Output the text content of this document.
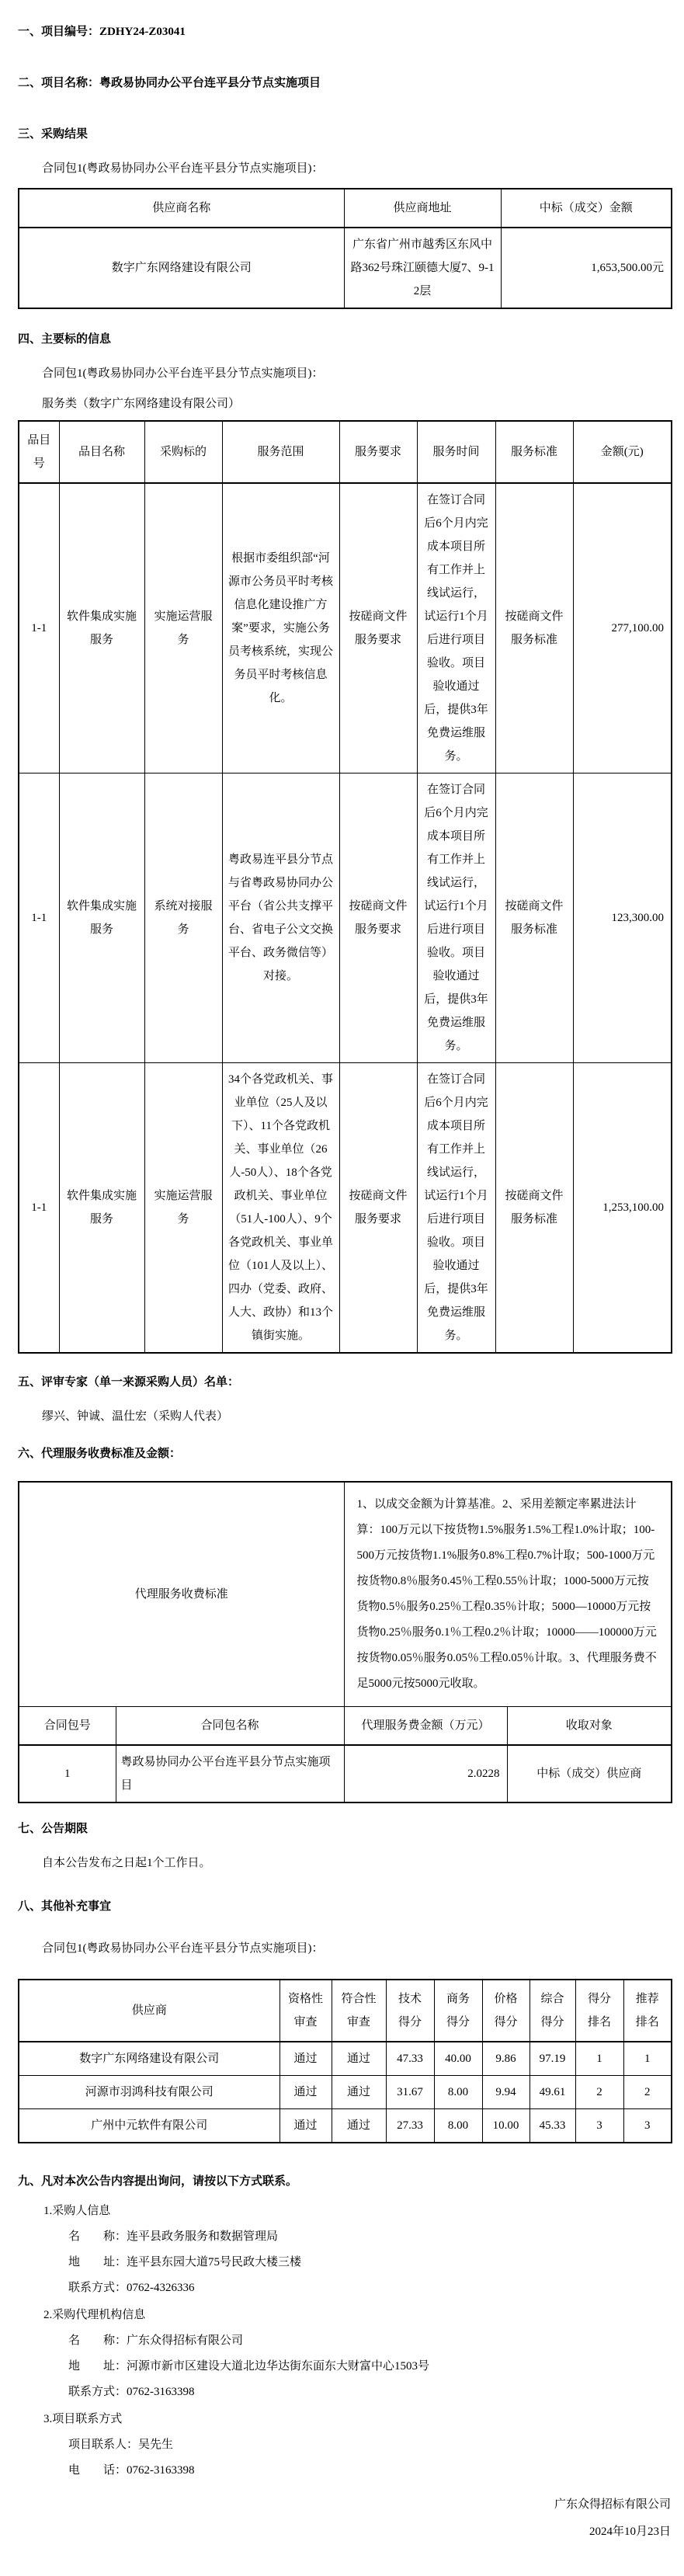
一、项目编号：ZDHY24-Z03041

二、项目名称：粤政易协同办公平台连平县分节点实施项目

三、采购结果

合同包1(粤政易协同办公平台连平县分节点实施项目)：

供应商名称	供应商地址	中标（成交）金额
数字广东网络建设有限公司	广东省广州市越秀区东风中路362号珠江颐德大厦7、9-12层	1,653,500.00元

四、主要标的信息

合同包1(粤政易协同办公平台连平县分节点实施项目)：

服务类（数字广东网络建设有限公司）

品目号	品目名称	采购标的	服务范围	服务要求	服务时间	服务标准	金额(元)
1-1	软件集成实施服务	实施运营服务	根据市委组织部“河源市公务员平时考核信息化建设推广方案”要求，实施公务员考核系统，实现公务员平时考核信息化。	按磋商文件服务要求	在签订合同后6个月内完成本项目所有工作并上线试运行，试运行1个月后进行项目验收。项目验收通过后，提供3年免费运维服务。	按磋商文件服务标准	277,100.00
1-1	软件集成实施服务	系统对接服务	粤政易连平县分节点与省粤政易协同办公平台（省公共支撑平台、省电子公文交换平台、政务微信等）对接。	按磋商文件服务要求	在签订合同后6个月内完成本项目所有工作并上线试运行，试运行1个月后进行项目验收。项目验收通过后，提供3年免费运维服务。	按磋商文件服务标准	123,300.00
1-1	软件集成实施服务	实施运营服务	34个各党政机关、事业单位（25人及以下）、11个各党政机关、事业单位（26人-50人）、18个各党政机关、事业单位（51人-100人）、9个各党政机关、事业单位（101人及以上）、四办（党委、政府、人大、政协）和13个镇街实施。	按磋商文件服务要求	在签订合同后6个月内完成本项目所有工作并上线试运行，试运行1个月后进行项目验收。项目验收通过后，提供3年免费运维服务。	按磋商文件服务标准	1,253,100.00

五、评审专家（单一来源采购人员）名单：

缪兴、钟诚、温仕宏（采购人代表）

六、代理服务收费标准及金额：

代理服务收费标准		1、以成交金额为计算基准。2、采用差额定率累进法计算：100万元以下按货物1.5%服务1.5%工程1.0%计取；100-500万元按货物1.1%服务0.8%工程0.7%计取；500-1000万元按货物0.8％服务0.45％工程0.55％计取；1000-5000万元按货物0.5％服务0.25％工程0.35％计取；5000—10000万元按货物0.25％服务0.1％工程0.2％计取；10000——100000万元按货物0.05％服务0.05％工程0.05％计取。3、代理服务费不足5000元按5000元收取。	
合同包号	合同包名称	代理服务费金额（万元）	收取对象
1	粤政易协同办公平台连平县分节点实施项目	2.0228	中标（成交）供应商

七、公告期限

自本公告发布之日起1个工作日。

八、其他补充事宜

合同包1(粤政易协同办公平台连平县分节点实施项目)：

供应商	资格性审查	符合性审查	技术得分	商务得分	价格得分	综合得分	得分排名	推荐排名
数字广东网络建设有限公司	通过	通过	47.33	40.00	9.86	97.19	1	1
河源市羽鸿科技有限公司	通过	通过	31.67	8.00	9.94	49.61	2	2
广州中元软件有限公司	通过	通过	27.33	8.00	10.00	45.33	3	3

九、凡对本次公告内容提出询问，请按以下方式联系。

1.采购人信息

名　　称：连平县政务服务和数据管理局

地　　址：连平县东园大道75号民政大楼三楼

联系方式：0762-4326336

2.采购代理机构信息

名　　称：广东众得招标有限公司

地　　址：河源市新市区建设大道北边华达街东面东大财富中心1503号

联系方式：0762-3163398

3.项目联系方式

项目联系人：吴先生

电　　话：0762-3163398

广东众得招标有限公司

2024年10月23日
